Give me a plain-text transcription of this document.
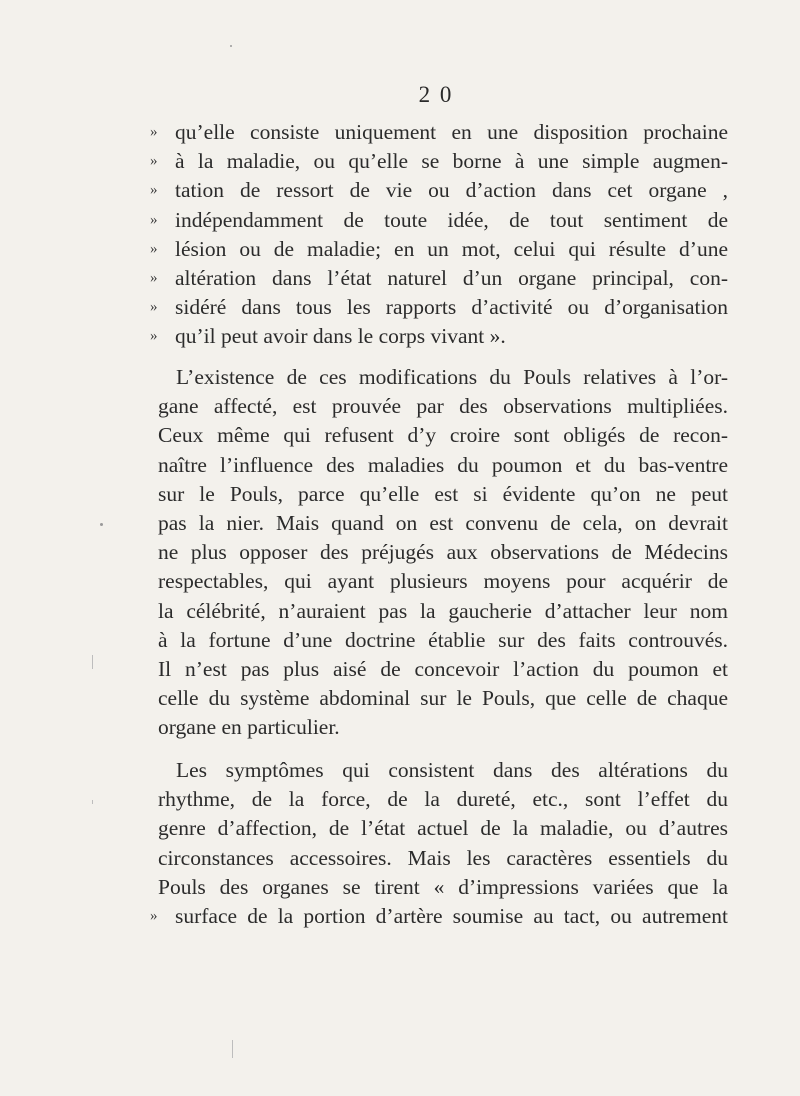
2 0
» qu’elle consiste uniquement en une disposition prochaine
» à la maladie, ou qu’elle se borne à une simple augmen-
» tation de ressort de vie ou d’action dans cet organe ,
» indépendamment de toute idée, de tout sentiment de
» lésion ou de maladie; en un mot, celui qui résulte d’une
» altération dans l’état naturel d’un organe principal, con-
» sidéré dans tous les rapports d’activité ou d’organisation
» qu’il peut avoir dans le corps vivant ».
L’existence de ces modifications du Pouls relatives à l’or-
gane affecté, est prouvée par des observations multipliées.
Ceux même qui refusent d’y croire sont obligés de recon-
naître l’influence des maladies du poumon et du bas-ventre
sur le Pouls, parce qu’elle est si évidente qu’on ne peut
pas la nier. Mais quand on est convenu de cela, on devrait
ne plus opposer des préjugés aux observations de Médecins
respectables, qui ayant plusieurs moyens pour acquérir de
la célébrité, n’auraient pas la gaucherie d’attacher leur nom
à la fortune d’une doctrine établie sur des faits controuvés.
Il n’est pas plus aisé de concevoir l’action du poumon et
celle du système abdominal sur le Pouls, que celle de chaque
organe en particulier.
Les symptômes qui consistent dans des altérations du
rhythme, de la force, de la dureté, etc., sont l’effet du
genre d’affection, de l’état actuel de la maladie, ou d’autres
circonstances accessoires. Mais les caractères essentiels du
Pouls des organes se tirent « d’impressions variées que la
» surface de la portion d’artère soumise au tact, ou autrement
